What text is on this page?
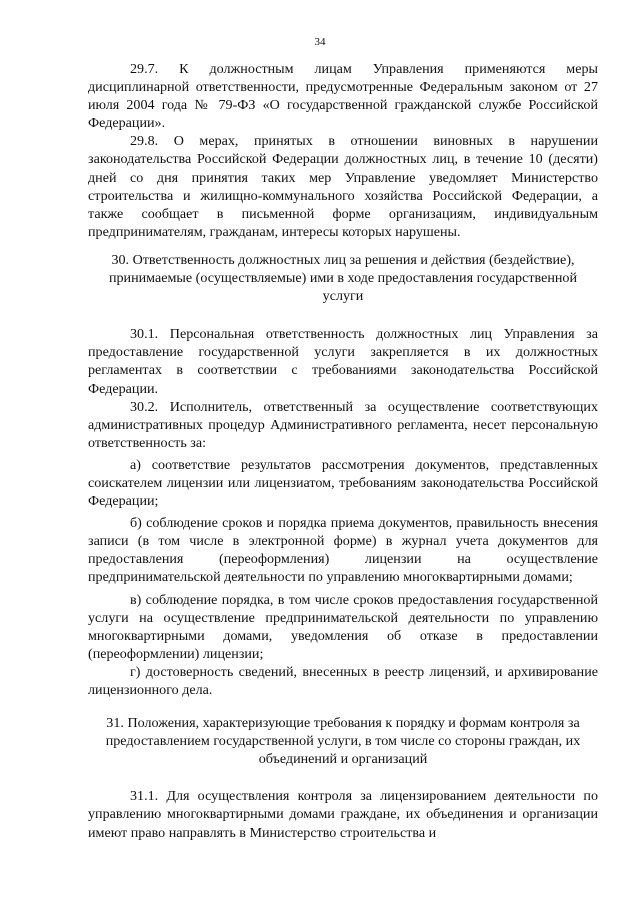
34

29.7. К должностным лицам Управления применяются меры дисциплинарной ответственности, предусмотренные Федеральным законом от 27 июля 2004 года № 79-ФЗ «О государственной гражданской службе Российской Федерации».

29.8. О мерах, принятых в отношении виновных в нарушении законодательства Российской Федерации должностных лиц, в течение 10 (десяти) дней со дня принятия таких мер Управление уведомляет Министерство строительства и жилищно-коммунального хозяйства Российской Федерации, а также сообщает в письменной форме организациям, индивидуальным предпринимателям, гражданам, интересы которых нарушены.

30. Ответственность должностных лиц за решения и действия (бездействие), принимаемые (осуществляемые) ими в ходе предоставления государственной услуги

30.1. Персональная ответственность должностных лиц Управления за предоставление государственной услуги закрепляется в их должностных регламентах в соответствии с требованиями законодательства Российской Федерации.

30.2. Исполнитель, ответственный за осуществление соответствующих административных процедур Административного регламента, несет персональную ответственность за:

а) соответствие результатов рассмотрения документов, представленных соискателем лицензии или лицензиатом, требованиям законодательства Российской Федерации;

б) соблюдение сроков и порядка приема документов, правильность внесения записи (в том числе в электронной форме) в журнал учета документов для предоставления (переоформления) лицензии на осуществление предпринимательской деятельности по управлению многоквартирными домами;

в) соблюдение порядка, в том числе сроков предоставления государственной услуги на осуществление предпринимательской деятельности по управлению многоквартирными домами, уведомления об отказе в предоставлении (переоформлении) лицензии;

г) достоверность сведений, внесенных в реестр лицензий, и архивирование лицензионного дела.

31. Положения, характеризующие требования к порядку и формам контроля за предоставлением государственной услуги, в том числе со стороны граждан, их объединений и организаций

31.1. Для осуществления контроля за лицензированием деятельности по управлению многоквартирными домами граждане, их объединения и организации имеют право направлять в Министерство строительства и
